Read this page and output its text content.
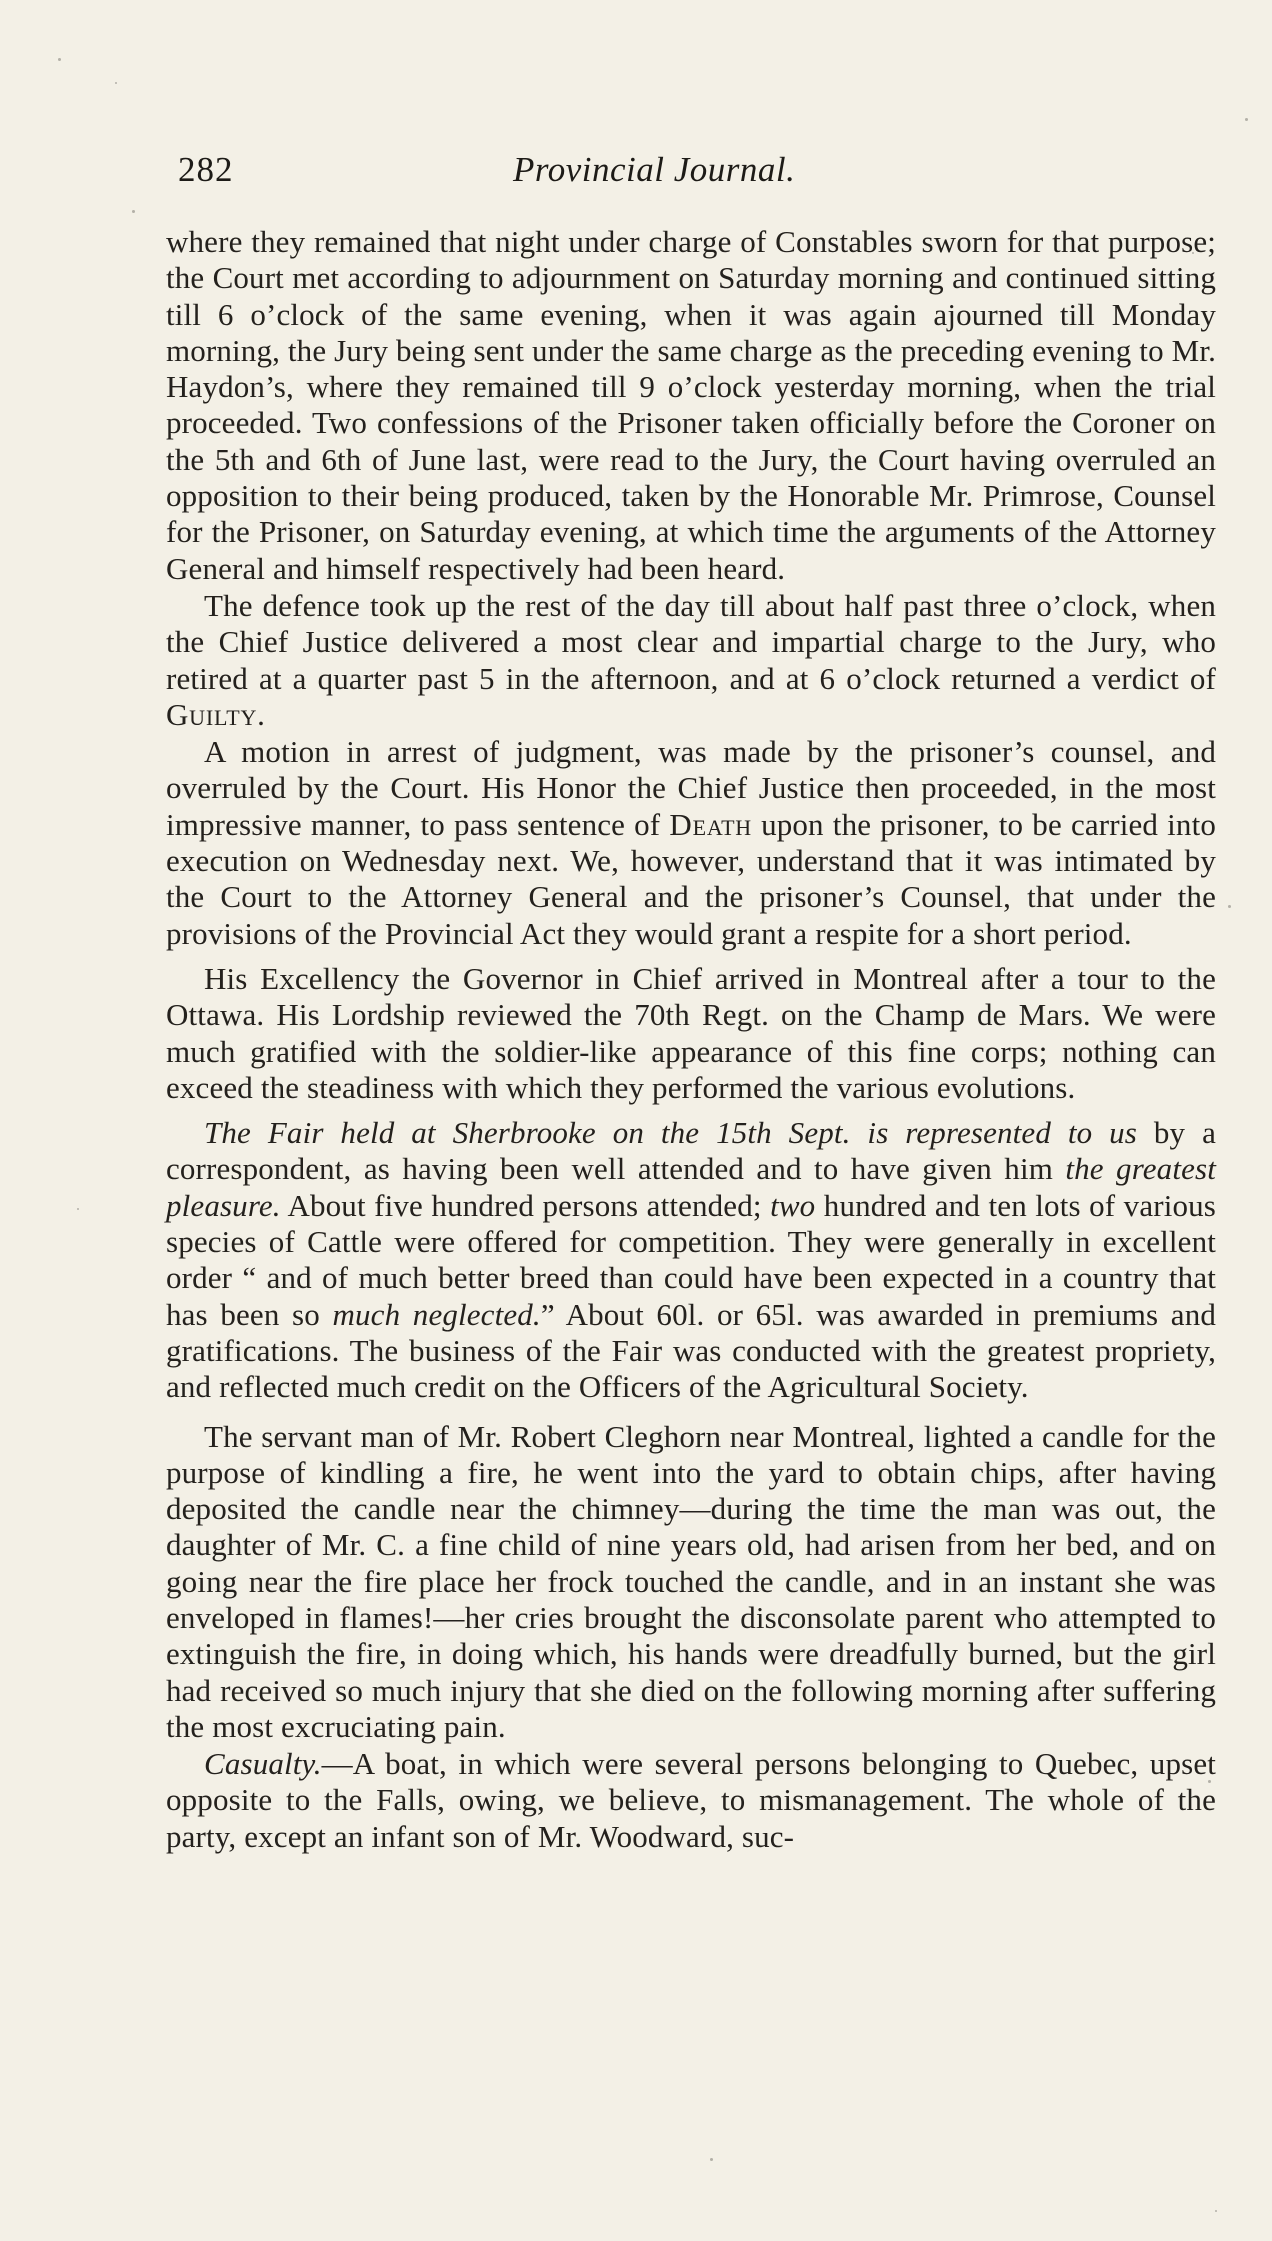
282	Provincial Journal.

where they remained that night under charge of Constables sworn for that purpose; the Court met according to adjournment on Saturday morning and continued sitting till 6 o’clock of the same evening, when it was again ajourned till Monday morning, the Jury being sent under the same charge as the preceding evening to Mr. Haydon’s, where they remained till 9 o’clock yesterday morning, when the trial proceeded. Two confessions of the Prisoner taken officially before the Coroner on the 5th and 6th of June last, were read to the Jury, the Court having overruled an opposition to their being produced, taken by the Honorable Mr. Primrose, Counsel for the Prisoner, on Saturday evening, at which time the arguments of the Attorney General and himself respectively had been heard.

The defence took up the rest of the day till about half past three o’clock, when the Chief Justice delivered a most clear and impartial charge to the Jury, who retired at a quarter past 5 in the afternoon, and at 6 o’clock returned a verdict of Guilty.

A motion in arrest of judgment, was made by the prisoner’s counsel, and overruled by the Court. His Honor the Chief Justice then proceeded, in the most impressive manner, to pass sentence of Death upon the prisoner, to be carried into execution on Wednesday next. We, however, understand that it was intimated by the Court to the Attorney General and the prisoner’s Counsel, that under the provisions of the Provincial Act they would grant a respite for a short period.

His Excellency the Governor in Chief arrived in Montreal after a tour to the Ottawa. His Lordship reviewed the 70th Regt. on the Champ de Mars. We were much gratified with the soldier-like appearance of this fine corps; nothing can exceed the steadiness with which they performed the various evolutions.

The Fair held at Sherbrooke on the 15th Sept. is represented to us by a correspondent, as having been well attended and to have given him the greatest pleasure. About five hundred persons attended; two hundred and ten lots of various species of Cattle were offered for competition. They were generally in excellent order “ and of much better breed than could have been expected in a country that has been so much neglected.” About 60l. or 65l. was awarded in premiums and gratifications. The business of the Fair was conducted with the greatest propriety, and reflected much credit on the Officers of the Agricultural Society.

The servant man of Mr. Robert Cleghorn near Montreal, lighted a candle for the purpose of kindling a fire, he went into the yard to obtain chips, after having deposited the candle near the chimney—during the time the man was out, the daughter of Mr. C. a fine child of nine years old, had arisen from her bed, and on going near the fire place her frock touched the candle, and in an instant she was enveloped in flames!—her cries brought the disconsolate parent who attempted to extinguish the fire, in doing which, his hands were dreadfully burned, but the girl had received so much injury that she died on the following morning after suffering the most excruciating pain.

Casualty.—A boat, in which were several persons belonging to Quebec, upset opposite to the Falls, owing, we believe, to mismanagement. The whole of the party, except an infant son of Mr. Woodward, suc-
